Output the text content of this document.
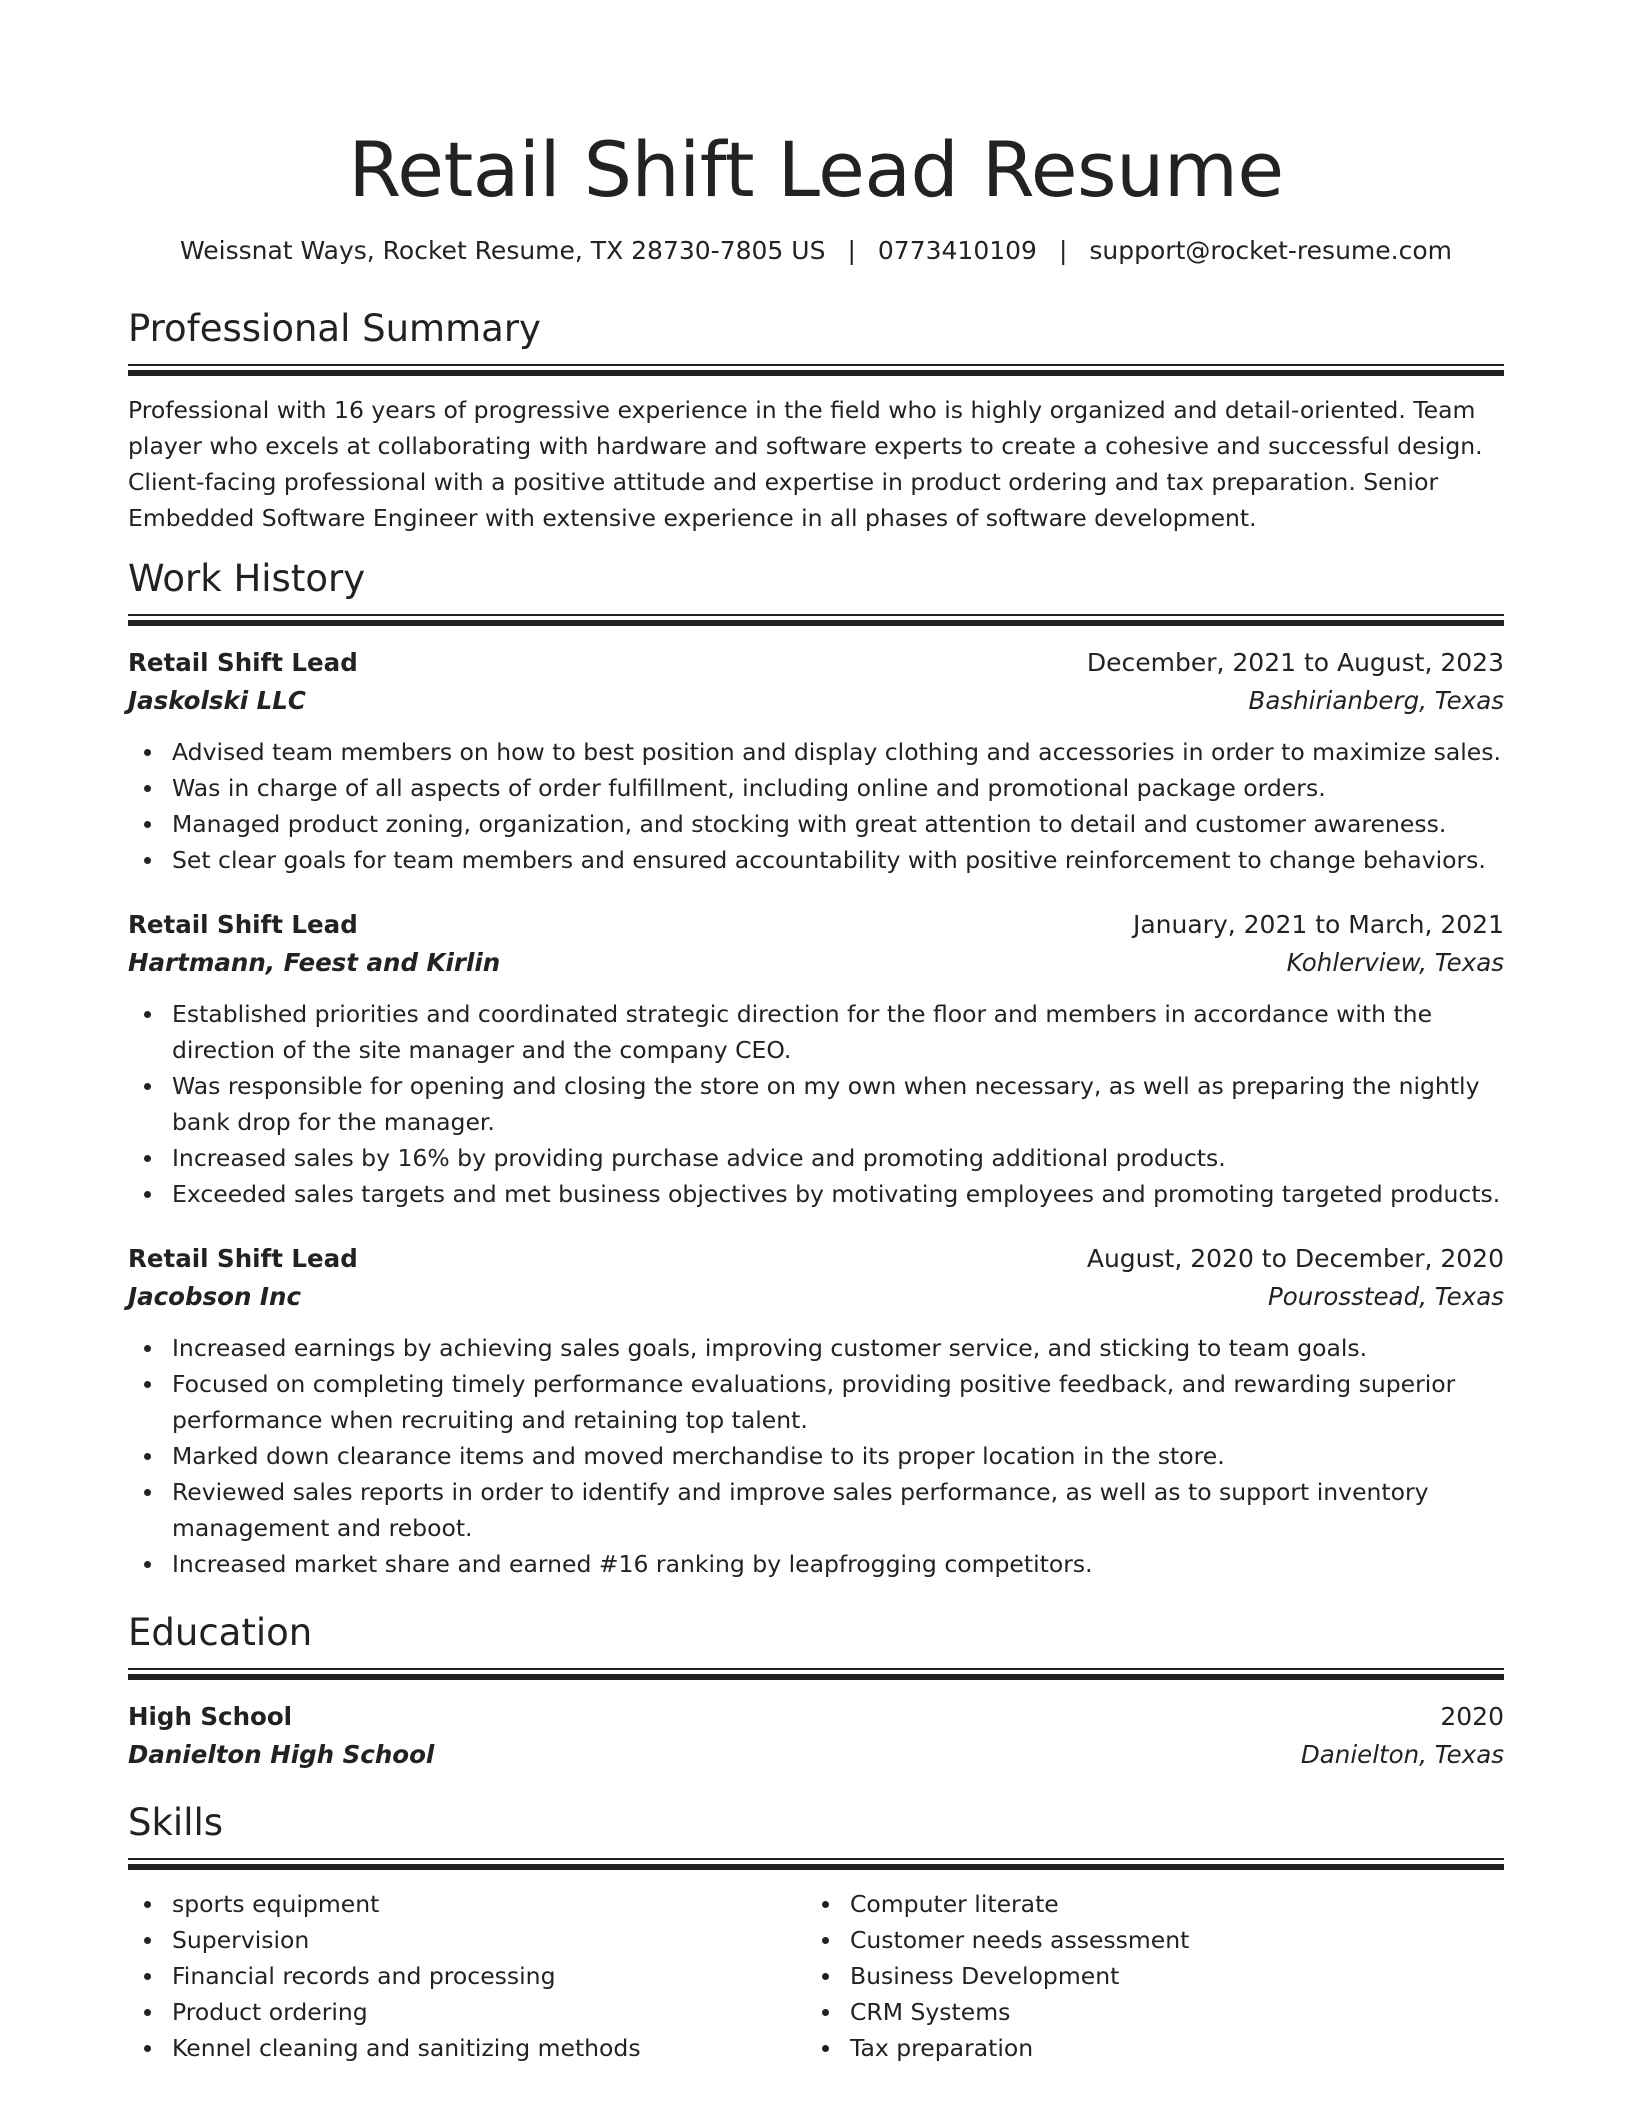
Retail Shift Lead Resume
Weissnat Ways, Rocket Resume, TX 28730-7805 US | 0773410109 | support@rocket-resume.com
Professional Summary

Professional with 16 years of progressive experience in the field who is highly organized and detail-oriented. Team player who excels at collaborating with hardware and software experts to create a cohesive and successful design. Client-facing professional with a positive attitude and expertise in product ordering and tax preparation. Senior Embedded Software Engineer with extensive experience in all phases of software development.

Work History
Retail Shift Lead	December, 2021 to August, 2023
Jaskolski LLC	Bashirianberg, Texas
Advised team members on how to best position and display clothing and accessories in order to maximize sales.
Was in charge of all aspects of order fulfillment, including online and promotional package orders.
Managed product zoning, organization, and stocking with great attention to detail and customer awareness.
Set clear goals for team members and ensured accountability with positive reinforcement to change behaviors.
Retail Shift Lead	January, 2021 to March, 2021
Hartmann, Feest and Kirlin	Kohlerview, Texas
Established priorities and coordinated strategic direction for the floor and members in accordance with the direction of the site manager and the company CEO.
Was responsible for opening and closing the store on my own when necessary, as well as preparing the nightly bank drop for the manager.
Increased sales by 16% by providing purchase advice and promoting additional products.
Exceeded sales targets and met business objectives by motivating employees and promoting targeted products.
Retail Shift Lead	August, 2020 to December, 2020
Jacobson Inc	Pourosstead, Texas
Increased earnings by achieving sales goals, improving customer service, and sticking to team goals.
Focused on completing timely performance evaluations, providing positive feedback, and rewarding superior performance when recruiting and retaining top talent.
Marked down clearance items and moved merchandise to its proper location in the store.
Reviewed sales reports in order to identify and improve sales performance, as well as to support inventory management and reboot.
Increased market share and earned #16 ranking by leapfrogging competitors.
Education
High School	2020
Danielton High School	Danielton, Texas
Skills
sports equipment
Supervision
Financial records and processing
Product ordering
Kennel cleaning and sanitizing methods
Computer literate
Customer needs assessment
Business Development
CRM Systems
Tax preparation
